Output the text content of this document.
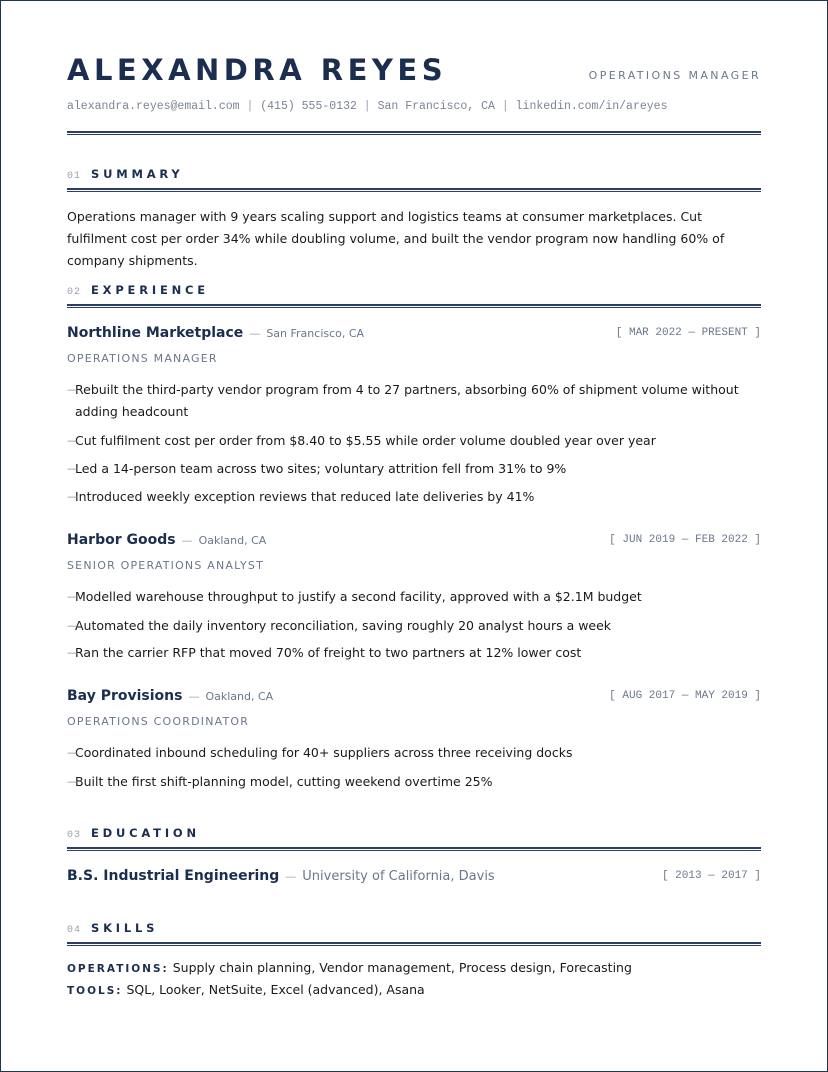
ALEXANDRA REYES	OPERATIONS MANAGER
alexandra.reyes@email.com | (415) 555-0132 | San Francisco, CA | linkedin.com/in/areyes
01 SUMMARY
Operations manager with 9 years scaling support and logistics teams at consumer marketplaces. Cut fulfilment cost per order 34% while doubling volume, and built the vendor program now handling 60% of company shipments.
02 EXPERIENCE
Northline Marketplace — San Francisco, CA	[ MAR 2022 — PRESENT ]
OPERATIONS MANAGER
—
Rebuilt the third-party vendor program from 4 to 27 partners, absorbing 60% of shipment volume without adding headcount
—
Cut fulfilment cost per order from $8.40 to $5.55 while order volume doubled year over year
—
Led a 14-person team across two sites; voluntary attrition fell from 31% to 9%
—
Introduced weekly exception reviews that reduced late deliveries by 41%
Harbor Goods — Oakland, CA	[ JUN 2019 — FEB 2022 ]
SENIOR OPERATIONS ANALYST
—
Modelled warehouse throughput to justify a second facility, approved with a $2.1M budget
—
Automated the daily inventory reconciliation, saving roughly 20 analyst hours a week
—
Ran the carrier RFP that moved 70% of freight to two partners at 12% lower cost
Bay Provisions — Oakland, CA	[ AUG 2017 — MAY 2019 ]
OPERATIONS COORDINATOR
—
Coordinated inbound scheduling for 40+ suppliers across three receiving docks
—
Built the first shift-planning model, cutting weekend overtime 25%
03 EDUCATION
B.S. Industrial Engineering — University of California, Davis	[ 2013 — 2017 ]
04 SKILLS
OPERATIONS: Supply chain planning, Vendor management, Process design, Forecasting
TOOLS: SQL, Looker, NetSuite, Excel (advanced), Asana
